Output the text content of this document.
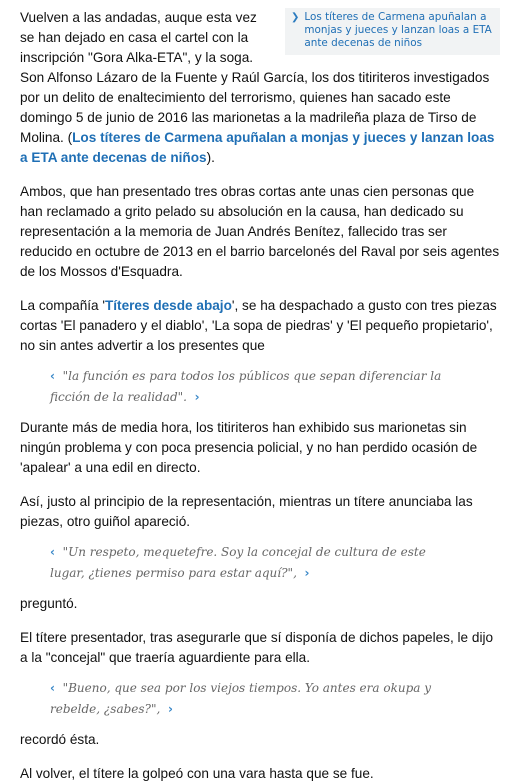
❯ Los títeres de Carmena apuñalan a monjas y jueces y lanzan loas a ETA ante decenas de niños
Vuelven a las andadas, auque esta vez se han dejado en casa el cartel con la inscripción "Gora Alka-ETA", y la soga. Son Alfonso Lázaro de la Fuente y Raúl García, los dos titiriteros investigados por un delito de enaltecimiento del terrorismo, quienes han sacado este domingo 5 de junio de 2016 las marionetas a la madrileña plaza de Tirso de Molina. (Los títeres de Carmena apuñalan a monjas y jueces y lanzan loas a ETA ante decenas de niños).

Ambos, que han presentado tres obras cortas ante unas cien personas que han reclamado a grito pelado su absolución en la causa, han dedicado su representación a la memoria de Juan Andrés Benítez, fallecido tras ser reducido en octubre de 2013 en el barrio barcelonés del Raval por seis agentes de los Mossos d'Esquadra.

La compañía 'Títeres desde abajo', se ha despachado a gusto con tres piezas cortas 'El panadero y el diablo', 'La sopa de piedras' y 'El pequeño propietario', no sin antes advertir a los presentes que

‹ "la función es para todos los públicos que sepan diferenciar la ficción de la realidad". ›

Durante más de media hora, los titiriteros han exhibido sus marionetas sin ningún problema y con poca presencia policial, y no han perdido ocasión de 'apalear' a una edil en directo.

Así, justo al principio de la representación, mientras un títere anunciaba las piezas, otro guiñol apareció.

‹ "Un respeto, mequetefre. Soy la concejal de cultura de este lugar, ¿tienes permiso para estar aquí?", ›

preguntó.

El títere presentador, tras asegurarle que sí disponía de dichos papeles, le dijo a la "concejal" que traería aguardiente para ella.

‹ "Bueno, que sea por los viejos tiempos. Yo antes era okupa y rebelde, ¿sabes?", ›

recordó ésta.

Al volver, el títere la golpeó con una vara hasta que se fue.
